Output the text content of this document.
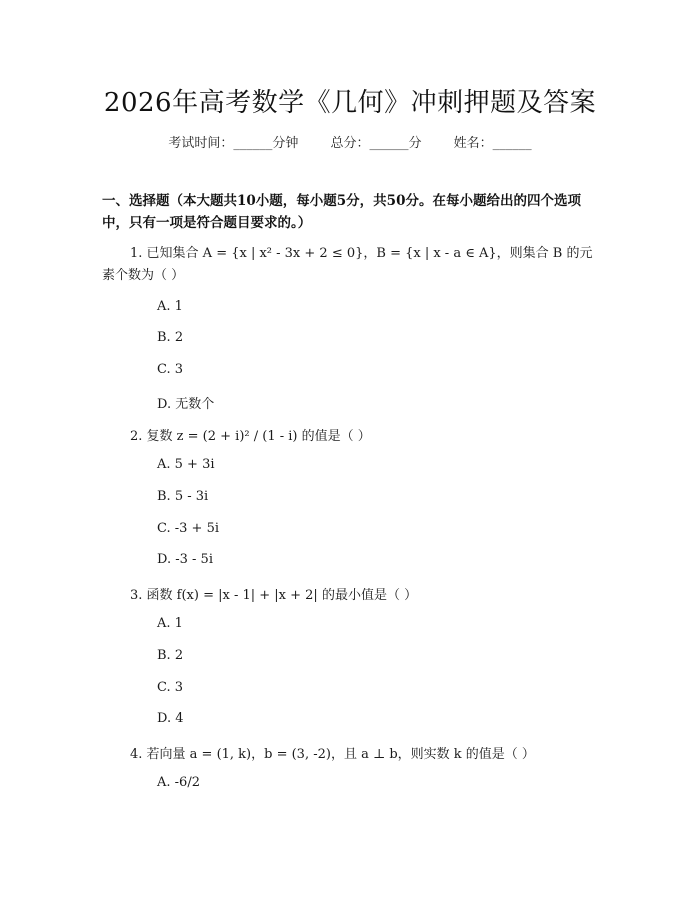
2026年高考数学《几何》冲刺押题及答案
考试时间：______分钟 总分：______分 姓名：______
一、选择题（本大题共10小题，每小题5分，共50分。在每小题给出的四个选项中，只有一项是符合题目要求的。）
1. 已知集合 A = {x | x² - 3x + 2 ≤ 0}，B = {x | x - a ∈ A}，则集合 B 的元素个数为（ ）
A. 1
B. 2
C. 3
D. 无数个
2. 复数 z = (2 + i)² / (1 - i) 的值是（ ）
A. 5 + 3i
B. 5 - 3i
C. -3 + 5i
D. -3 - 5i
3. 函数 f(x) = |x - 1| + |x + 2| 的最小值是（ ）
A. 1
B. 2
C. 3
D. 4
4. 若向量 a = (1, k)，b = (3, -2)，且 a ⊥ b，则实数 k 的值是（ ）
A. -6/2
